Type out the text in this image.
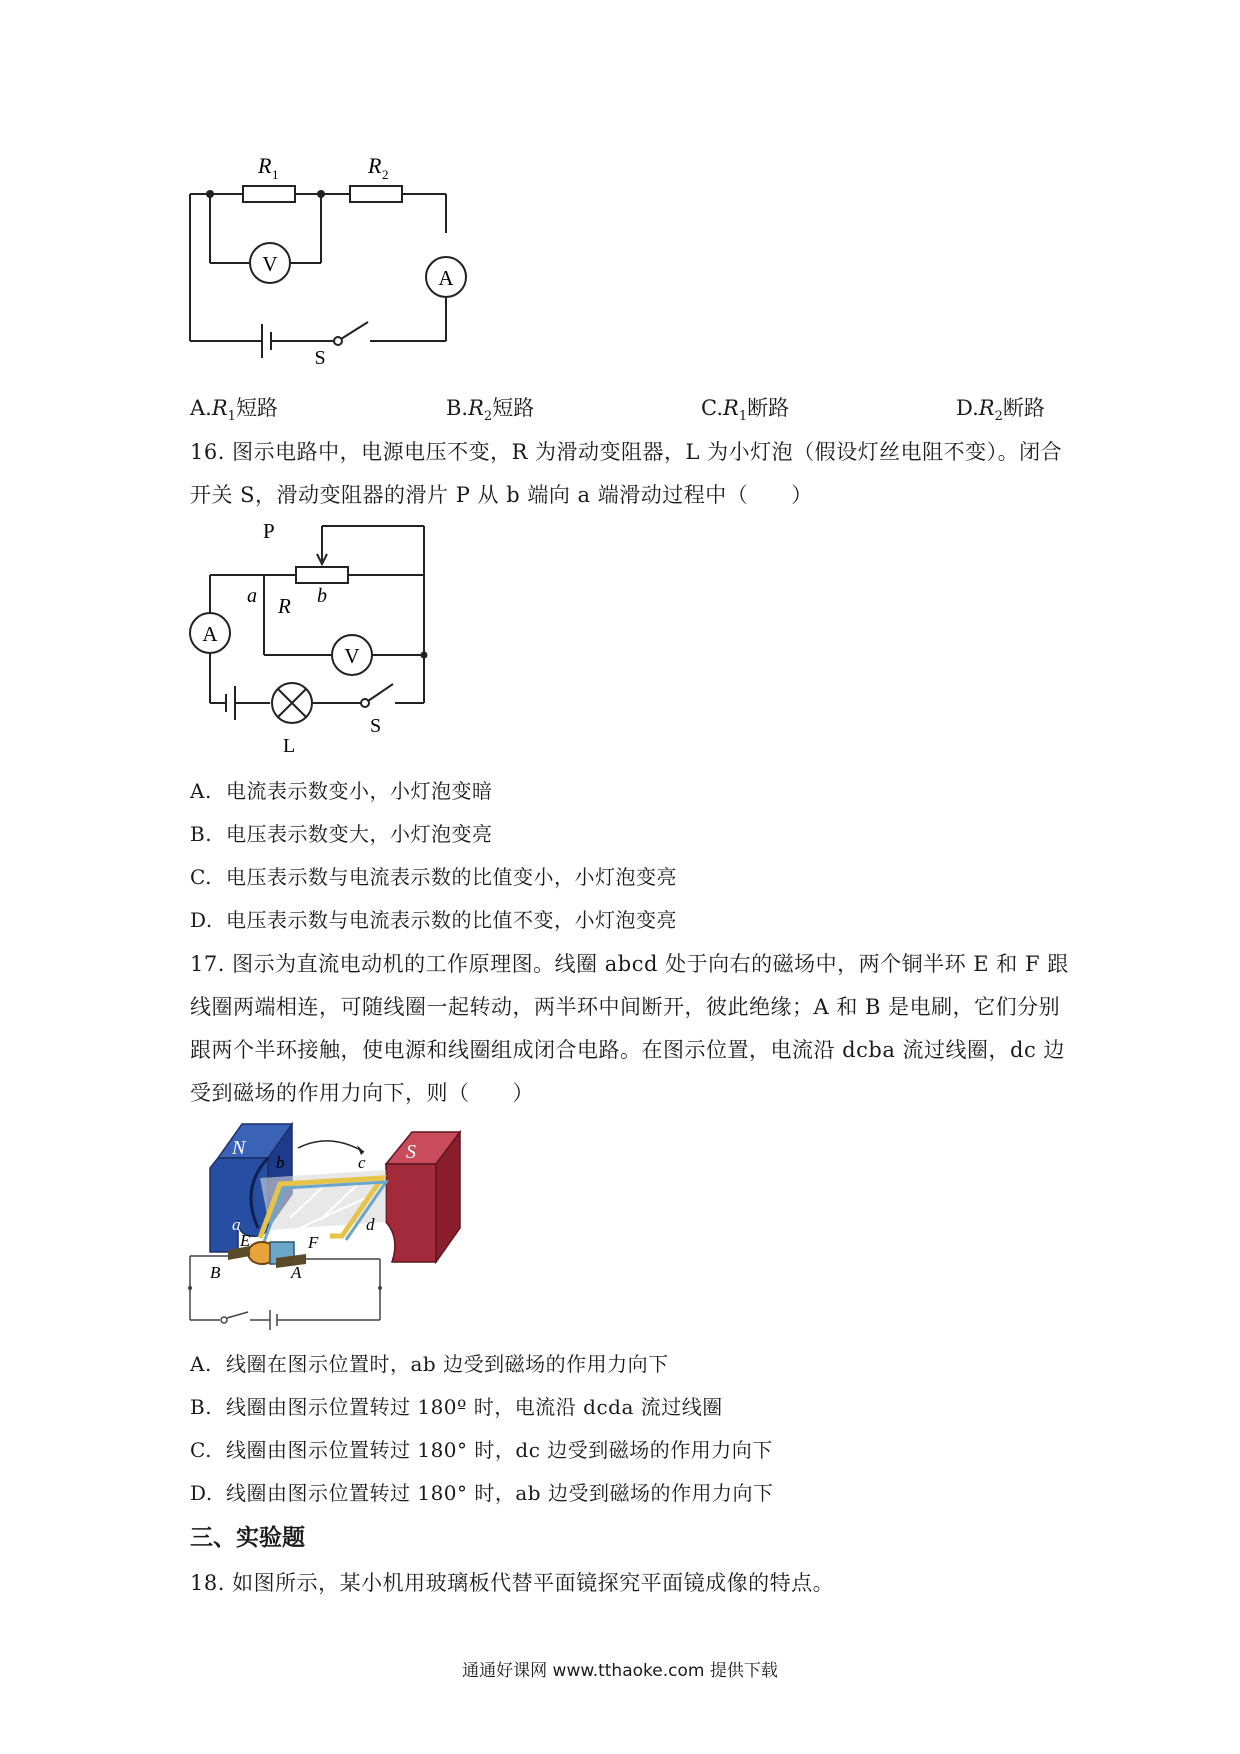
R 1	R 2
V
A
S
$A.R_1$短路	$B.R_2$短路	$C.R_1$断路	$D.R_2$断路
16. 图示电路中，电源电压不变，R 为滑动变阻器，L 为小灯泡（假设灯丝电阻不变）。闭合
开关 S，滑动变阻器的滑片 P 从 b 端向 a 端滑动过程中（　　）
P
a R b
A
V
L
S
A. 电流表示数变小，小灯泡变暗
B. 电压表示数变大，小灯泡变亮
C. 电压表示数与电流表示数的比值变小，小灯泡变亮
D. 电压表示数与电流表示数的比值不变，小灯泡变亮
17. 图示为直流电动机的工作原理图。线圈 abcd 处于向右的磁场中，两个铜半环 E 和 F 跟
线圈两端相连，可随线圈一起转动，两半环中间断开，彼此绝缘；A 和 B 是电刷，它们分别
跟两个半环接触，使电源和线圈组成闭合电路。在图示位置，电流沿 dcba 流过线圈，dc 边
受到磁场的作用力向下，则（　　）
N	S
a
b	c
d
E	F
A
B
A. 线圈在图示位置时，ab 边受到磁场的作用力向下
B. 线圈由图示位置转过 180º 时，电流沿 dcda 流过线圈
C. 线圈由图示位置转过 180° 时，dc 边受到磁场的作用力向下
D. 线圈由图示位置转过 180° 时，ab 边受到磁场的作用力向下
三、实验题
18. 如图所示，某小机用玻璃板代替平面镜探究平面镜成像的特点。
通通好课网 www.tthaoke.com 提供下载
